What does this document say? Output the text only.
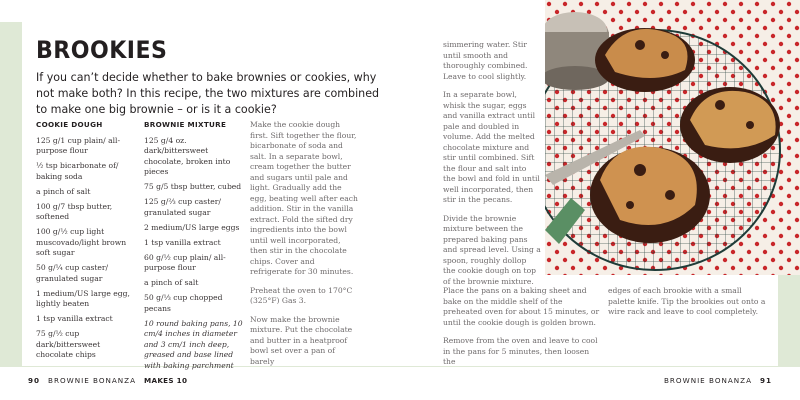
BROOKIES
If you can’t decide whether to bake brownies or cookies, why not make both? In this recipe, the two mixtures are combined to make one big brownie – or is it a cookie?
COOKIE DOUGH
125 g/1 cup plain/ all-purpose flour
½ tsp bicarbonate of/ baking soda
a pinch of salt
100 g/7 tbsp butter, softened
100 g/½ cup light muscovado/light brown soft sugar
50 g/¼ cup caster/ granulated sugar
1 medium/US large egg, lightly beaten
1 tsp vanilla extract
75 g/½ cup dark/bittersweet chocolate chips
BROWNIE MIXTURE
125 g/4 oz. dark/bittersweet chocolate, broken into pieces
75 g/5 tbsp butter, cubed
125 g/⅔ cup caster/ granulated sugar
2 medium/US large eggs
1 tsp vanilla extract
60 g/½ cup plain/ all-purpose flour
a pinch of salt
50 g/⅓ cup chopped pecans
10 round baking pans, 10 cm/4 inches in diameter and 3 cm/1 inch deep, greased and base lined with baking parchment
MAKES 10

Make the cookie dough first. Sift together the flour, bicarbonate of soda and salt. In a separate bowl, cream together the butter and sugars until pale and light. Gradually add the egg, beating well after each addition. Stir in the vanilla extract. Fold the sifted dry ingredients into the bowl until well incorporated, then stir in the chocolate chips. Cover and refrigerate for 30 minutes.

Preheat the oven to 170°C (325°F) Gas 3.

Now make the brownie mixture. Put the chocolate and butter in a heatproof bowl set over a pan of barely

simmering water. Stir until smooth and thoroughly combined. Leave to cool slightly.

In a separate bowl, whisk the sugar, eggs and vanilla extract until pale and doubled in volume. Add the melted chocolate mixture and stir until combined. Sift the flour and salt into the bowl and fold in until well incorporated, then stir in the pecans.

Divide the brownie mixture between the prepared baking pans and spread level. Using a spoon, roughly dollop the cookie dough on top of the brownie mixture.

Place the pans on a baking sheet and bake on the middle shelf of the preheated oven for about 15 minutes, or until the cookie dough is golden brown.

Remove from the oven and leave to cool in the pans for 5 minutes, then loosen the

edges of each brookie with a small palette knife. Tip the brookies out onto a wire rack and leave to cool completely.

90 BROWNIE BONANZA	BROWNIE BONANZA 91
